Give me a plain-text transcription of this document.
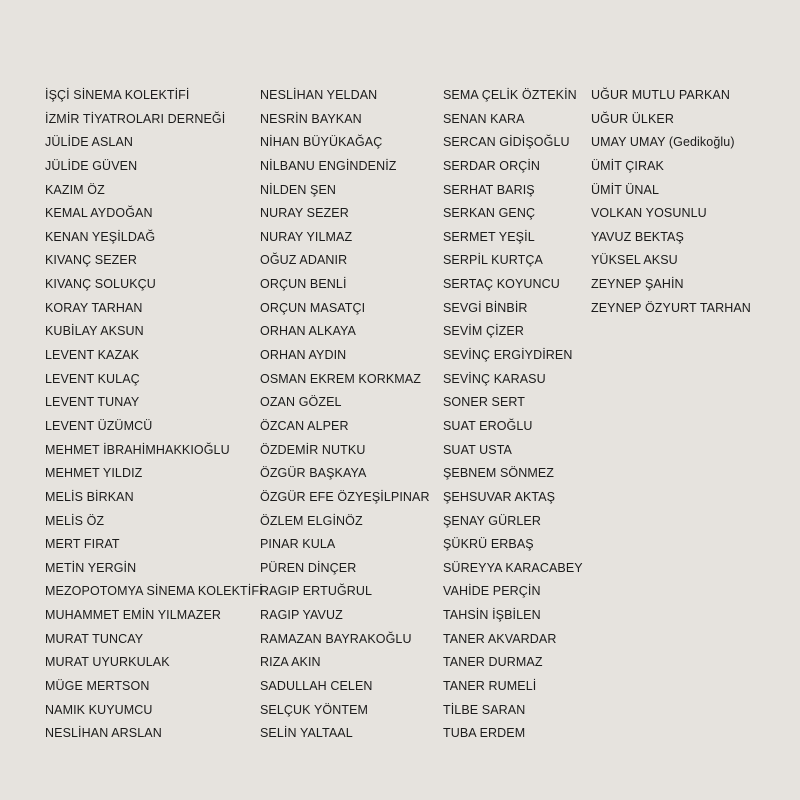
İŞÇİ SİNEMA KOLEKTİFİ
İZMİR TİYATROLARI DERNEĞİ
JÜLİDE ASLAN
JÜLİDE GÜVEN
KAZIM ÖZ
KEMAL AYDOĞAN
KENAN YEŞİLDAĞ
KIVANÇ SEZER
KIVANÇ SOLUKÇU
KORAY TARHAN
KUBİLAY AKSUN
LEVENT KAZAK
LEVENT KULAÇ
LEVENT TUNAY
LEVENT ÜZÜMCÜ
MEHMET İBRAHİMHAKKIOĞLU
MEHMET YILDIZ
MELİS BİRKAN
MELİS ÖZ
MERT FIRAT
METİN YERGİN
MEZOPOTOMYA SİNEMA KOLEKTİFİ
MUHAMMET EMİN YILMAZER
MURAT TUNCAY
MURAT UYURKULAK
MÜGE MERTSON
NAMIK KUYUMCU
NESLİHAN ARSLAN
NESLİHAN YELDAN
NESRİN BAYKAN
NİHAN BÜYÜKAĞAÇ
NİLBANU ENGİNDENİZ
NİLDEN ŞEN
NURAY SEZER
NURAY YILMAZ
OĞUZ ADANIR
ORÇUN BENLİ
ORÇUN MASATÇI
ORHAN ALKAYA
ORHAN AYDIN
OSMAN EKREM KORKMAZ
OZAN GÖZEL
ÖZCAN ALPER
ÖZDEMİR NUTKU
ÖZGÜR BAŞKAYA
ÖZGÜR EFE ÖZYEŞİLPINAR
ÖZLEM ELGİNÖZ
PINAR KULA
PÜREN DİNÇER
RAGIP ERTUĞRUL
RAGIP YAVUZ
RAMAZAN BAYRAKOĞLU
RIZA AKIN
SADULLAH CELEN
SELÇUK YÖNTEM
SELİN YALTAAL
SEMA ÇELİK ÖZTEKİN
SENAN KARA
SERCAN GİDİŞOĞLU
SERDAR ORÇİN
SERHAT BARIŞ
SERKAN GENÇ
SERMET YEŞİL
SERPİL KURTÇA
SERTAÇ KOYUNCU
SEVGİ BİNBİR
SEVİM ÇİZER
SEVİNÇ ERGİYDİREN
SEVİNÇ KARASU
SONER SERT
SUAT EROĞLU
SUAT USTA
ŞEBNEM SÖNMEZ
ŞEHSUVAR AKTAŞ
ŞENAY GÜRLER
ŞÜKRÜ ERBAŞ
SÜREYYA KARACABEY
VAHİDE PERÇİN
TAHSİN İŞBİLEN
TANER AKVARDAR
TANER DURMAZ
TANER RUMELİ
TİLBE SARAN
TUBA ERDEM
UĞUR MUTLU PARKAN
UĞUR ÜLKER
UMAY UMAY (Gedikoğlu)
ÜMİT ÇIRAK
ÜMİT ÜNAL
VOLKAN YOSUNLU
YAVUZ BEKTAŞ
YÜKSEL AKSU
ZEYNEP ŞAHİN
ZEYNEP ÖZYURT TARHAN
